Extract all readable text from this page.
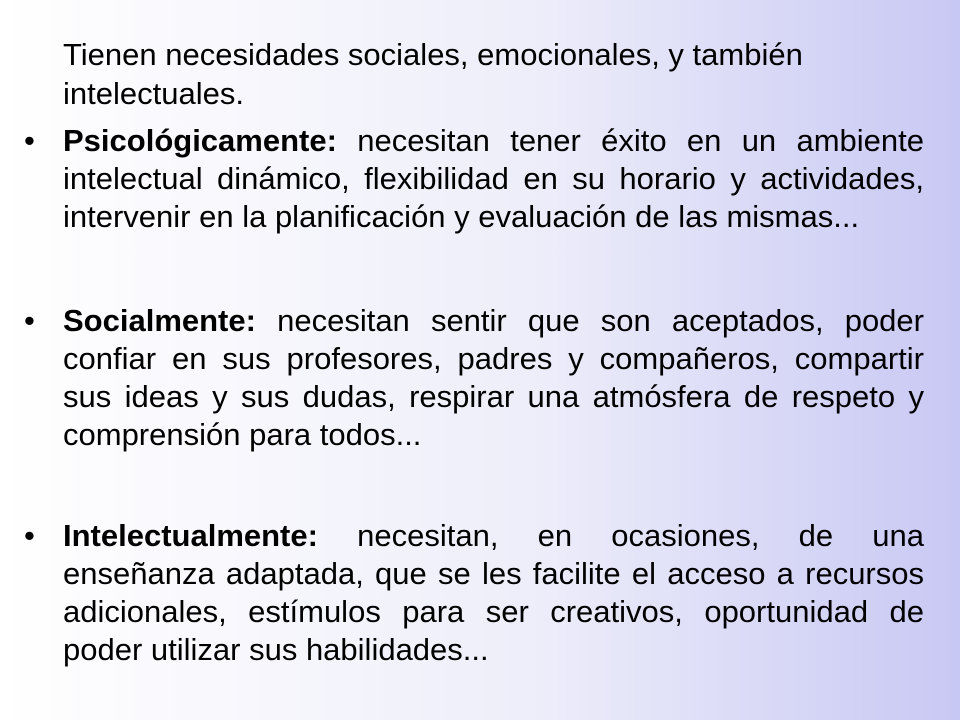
Tienen necesidades sociales, emocionales, y también intelectuales.

• Psicológicamente: necesitan tener éxito en un ambiente intelectual dinámico, flexibilidad en su horario y actividades, intervenir en la planificación y evaluación de las mismas...
• Socialmente: necesitan sentir que son aceptados, poder confiar en sus profesores, padres y compañeros, compartir sus ideas y sus dudas, respirar una atmósfera de respeto y comprensión para todos...
• Intelectualmente: necesitan, en ocasiones, de una enseñanza adaptada, que se les facilite el acceso a recursos adicionales, estímulos para ser creativos, oportunidad de poder utilizar sus habilidades...
